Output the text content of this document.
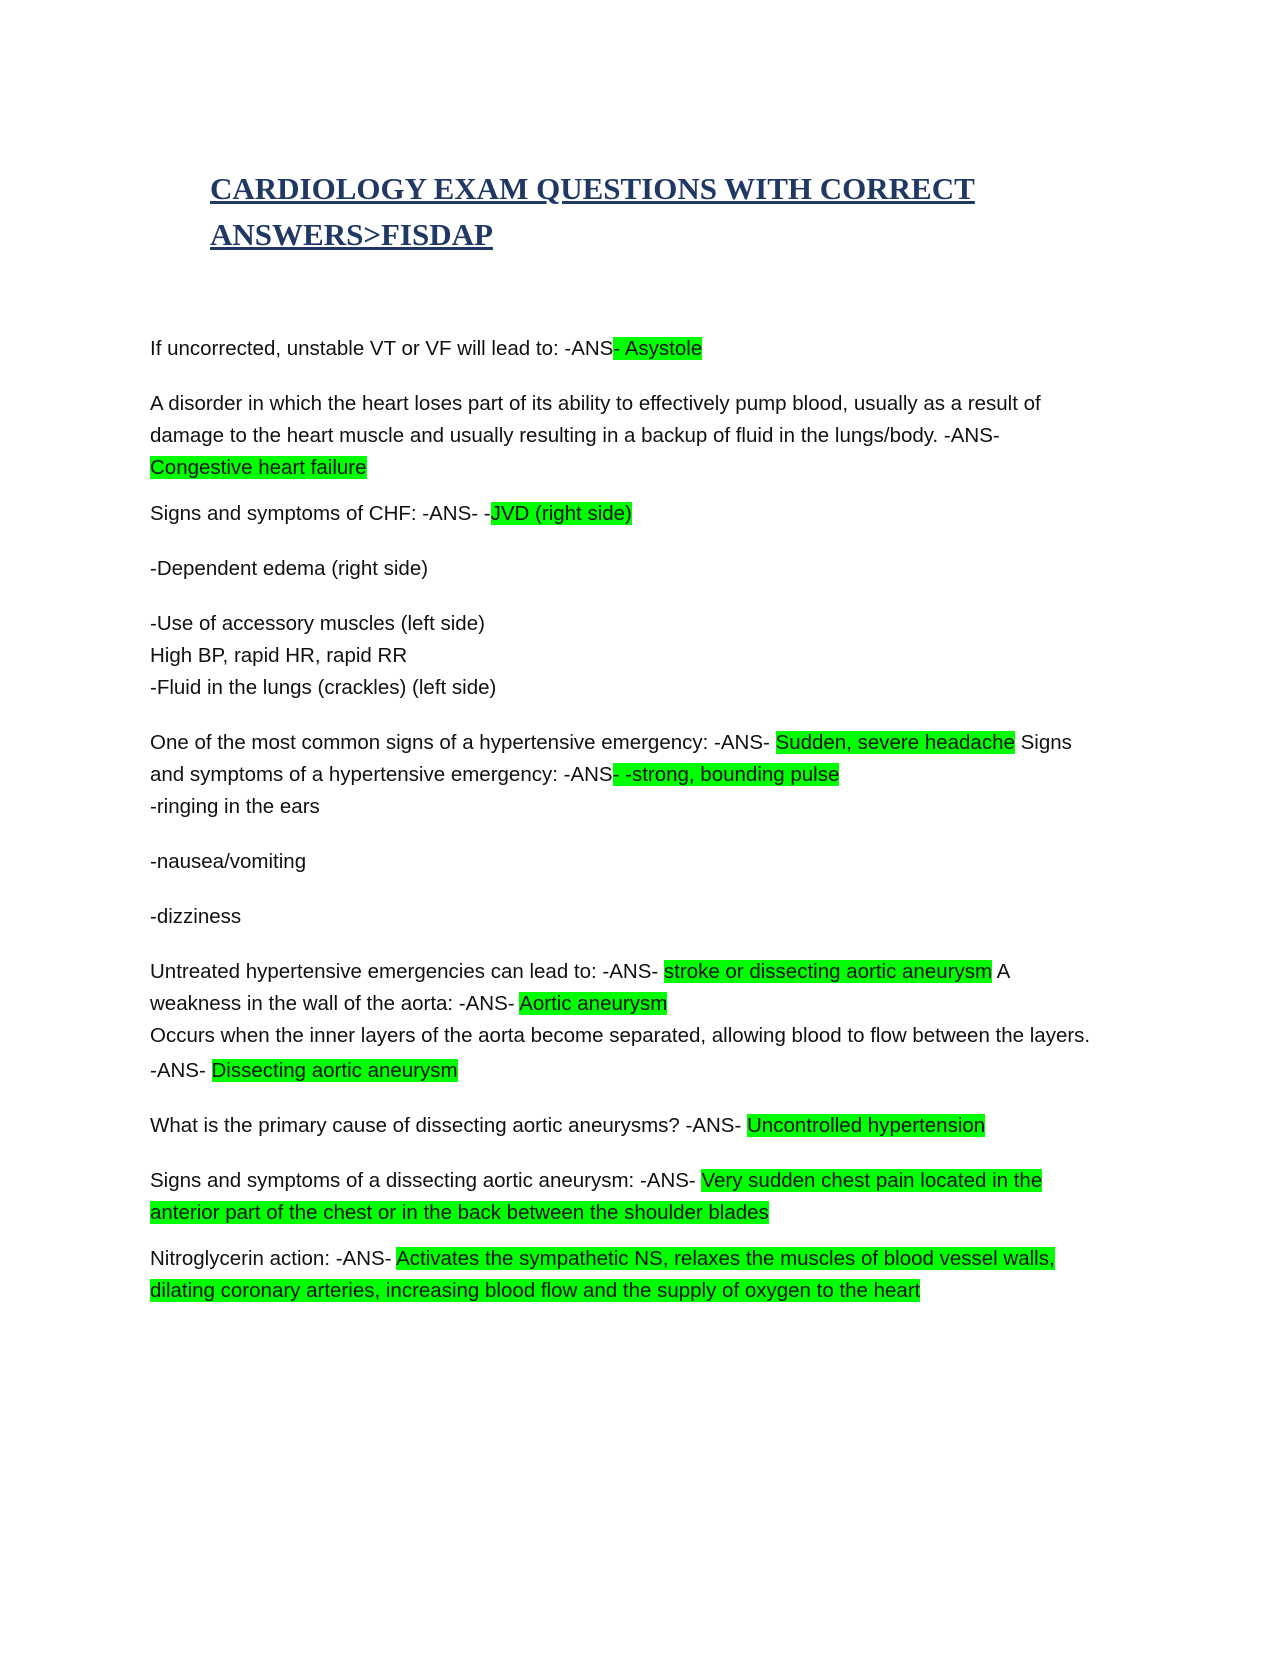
CARDIOLOGY EXAM QUESTIONS WITH CORRECT
ANSWERS>FISDAP

If uncorrected, unstable VT or VF will lead to: -ANS- Asystole

A disorder in which the heart loses part of its ability to effectively pump blood, usually as a result of
damage to the heart muscle and usually resulting in a backup of fluid in the lungs/body. -ANS-
Congestive heart failure

Signs and symptoms of CHF: -ANS- -JVD (right side)

-Dependent edema (right side)

-Use of accessory muscles (left side)
High BP, rapid HR, rapid RR
-Fluid in the lungs (crackles) (left side)

One of the most common signs of a hypertensive emergency: -ANS- Sudden, severe headache Signs
and symptoms of a hypertensive emergency: -ANS- -strong, bounding pulse
-ringing in the ears

-nausea/vomiting

-dizziness

Untreated hypertensive emergencies can lead to: -ANS- stroke or dissecting aortic aneurysm A
weakness in the wall of the aorta: -ANS- Aortic aneurysm
Occurs when the inner layers of the aorta become separated, allowing blood to flow between the layers.

-ANS- Dissecting aortic aneurysm

What is the primary cause of dissecting aortic aneurysms? -ANS- Uncontrolled hypertension

Signs and symptoms of a dissecting aortic aneurysm: -ANS- Very sudden chest pain located in the
anterior part of the chest or in the back between the shoulder blades

Nitroglycerin action: -ANS- Activates the sympathetic NS, relaxes the muscles of blood vessel walls,
dilating coronary arteries, increasing blood flow and the supply of oxygen to the heart
